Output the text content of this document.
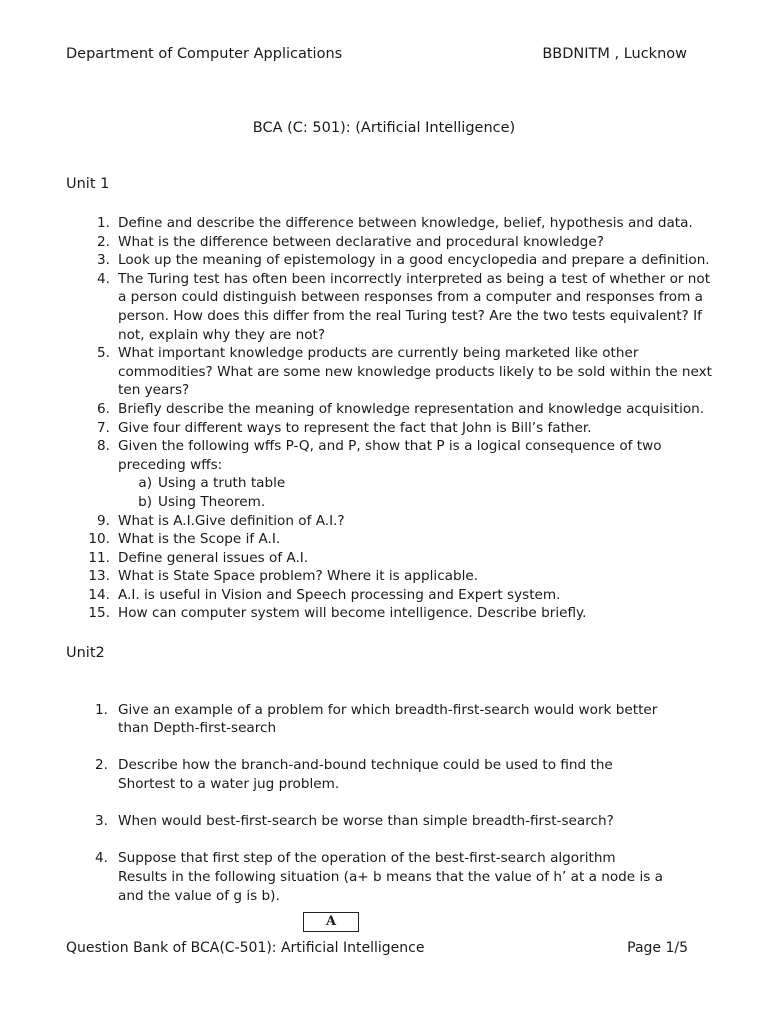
Department of Computer Applications	BBDNITM , Lucknow
BCA (C: 501): (Artificial Intelligence)
Unit 1
1. Define and describe the difference between knowledge, belief, hypothesis and data.
2. What is the difference between declarative and procedural knowledge?
3. Look up the meaning of epistemology in a good encyclopedia and prepare a definition.
4. The Turing test has often been incorrectly interpreted as being a test of whether or not a person could distinguish between responses from a computer and responses from a person. How does this differ from the real Turing test? Are the two tests equivalent? If not, explain why they are not?
5. What important knowledge products are currently being marketed like other commodities? What are some new knowledge products likely to be sold within the next ten years?
6. Briefly describe the meaning of knowledge representation and knowledge acquisition.
7. Give four different ways to represent the fact that John is Bill’s father.
8. Given the following wffs P-Q, and P, show that P is a logical consequence of two preceding wffs:
a) Using a truth table
b) Using Theorem.
9. What is A.I.Give definition of A.I.?
10. What is the Scope if A.I.
11. Define general issues of A.I.
13. What is State Space problem? Where it is applicable.
14. A.I. is useful in Vision and Speech processing and Expert system.
15. How can computer system will become intelligence. Describe briefly.
Unit2

1. Give an example of a problem for which breadth-first-search would work better
than Depth-first-search

2. Describe how the branch-and-bound technique could be used to find the
Shortest to a water jug problem.

3. When would best-first-search be worse than simple breadth-first-search?

4. Suppose that first step of the operation of the best-first-search algorithm
Results in the following situation (a+ b means that the value of h’ at a node is a
and the value of g is b).

A
Question Bank of BCA(C-501): Artificial Intelligence	Page 1/5
